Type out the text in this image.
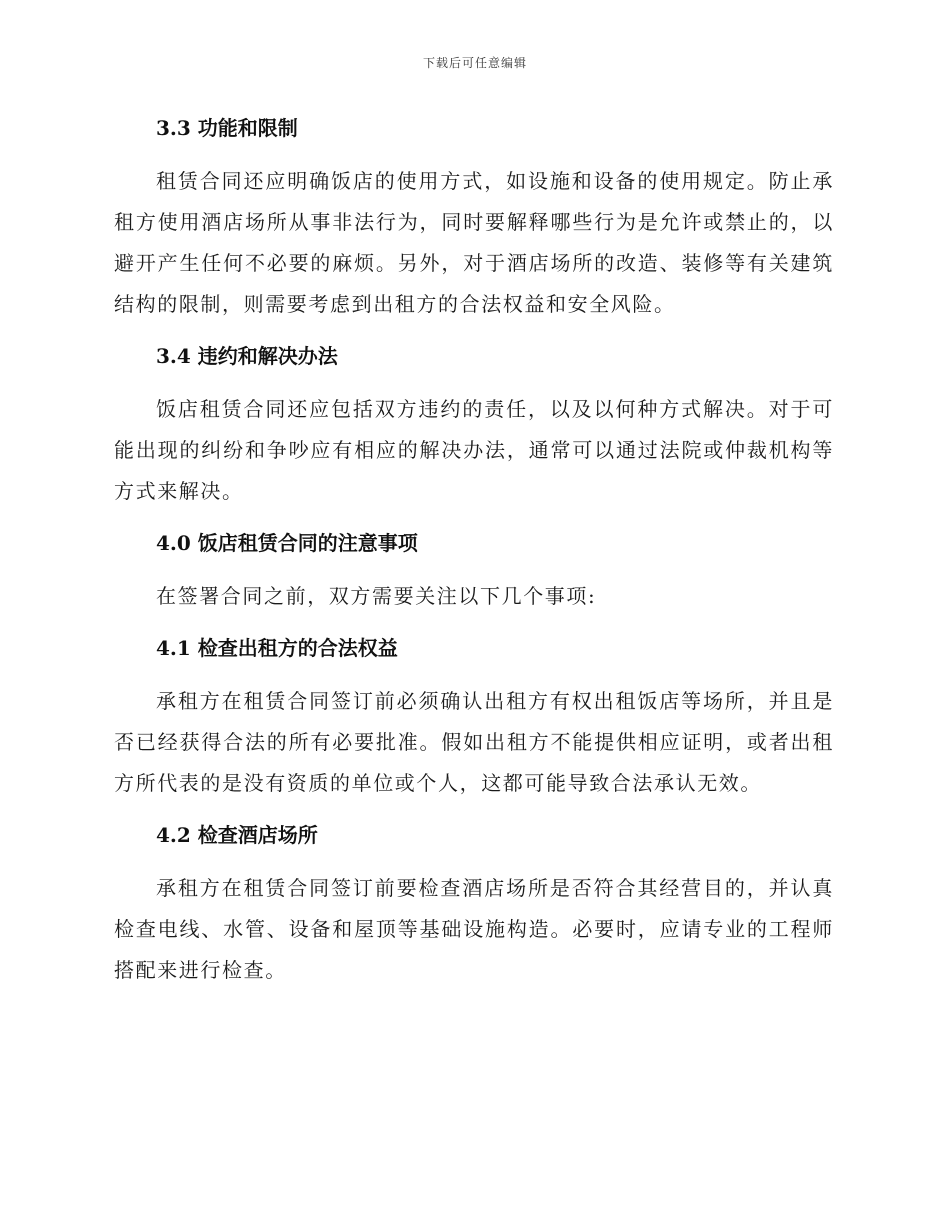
下载后可任意编辑
3.3 功能和限制

租赁合同还应明确饭店的使用方式，如设施和设备的使用规定。防止承租方使用酒店场所从事非法行为，同时要解释哪些行为是允许或禁止的，以避开产生任何不必要的麻烦。另外，对于酒店场所的改造、装修等有关建筑结构的限制，则需要考虑到出租方的合法权益和安全风险。

3.4 违约和解决办法

饭店租赁合同还应包括双方违约的责任，以及以何种方式解决。对于可能出现的纠纷和争吵应有相应的解决办法，通常可以通过法院或仲裁机构等方式来解决。

4.0 饭店租赁合同的注意事项

在签署合同之前，双方需要关注以下几个事项:

4.1 检查出租方的合法权益

承租方在租赁合同签订前必须确认出租方有权出租饭店等场所，并且是否已经获得合法的所有必要批准。假如出租方不能提供相应证明，或者出租方所代表的是没有资质的单位或个人，这都可能导致合法承认无效。

4.2 检查酒店场所

承租方在租赁合同签订前要检查酒店场所是否符合其经营目的，并认真检查电线、水管、设备和屋顶等基础设施构造。必要时，应请专业的工程师搭配来进行检查。
